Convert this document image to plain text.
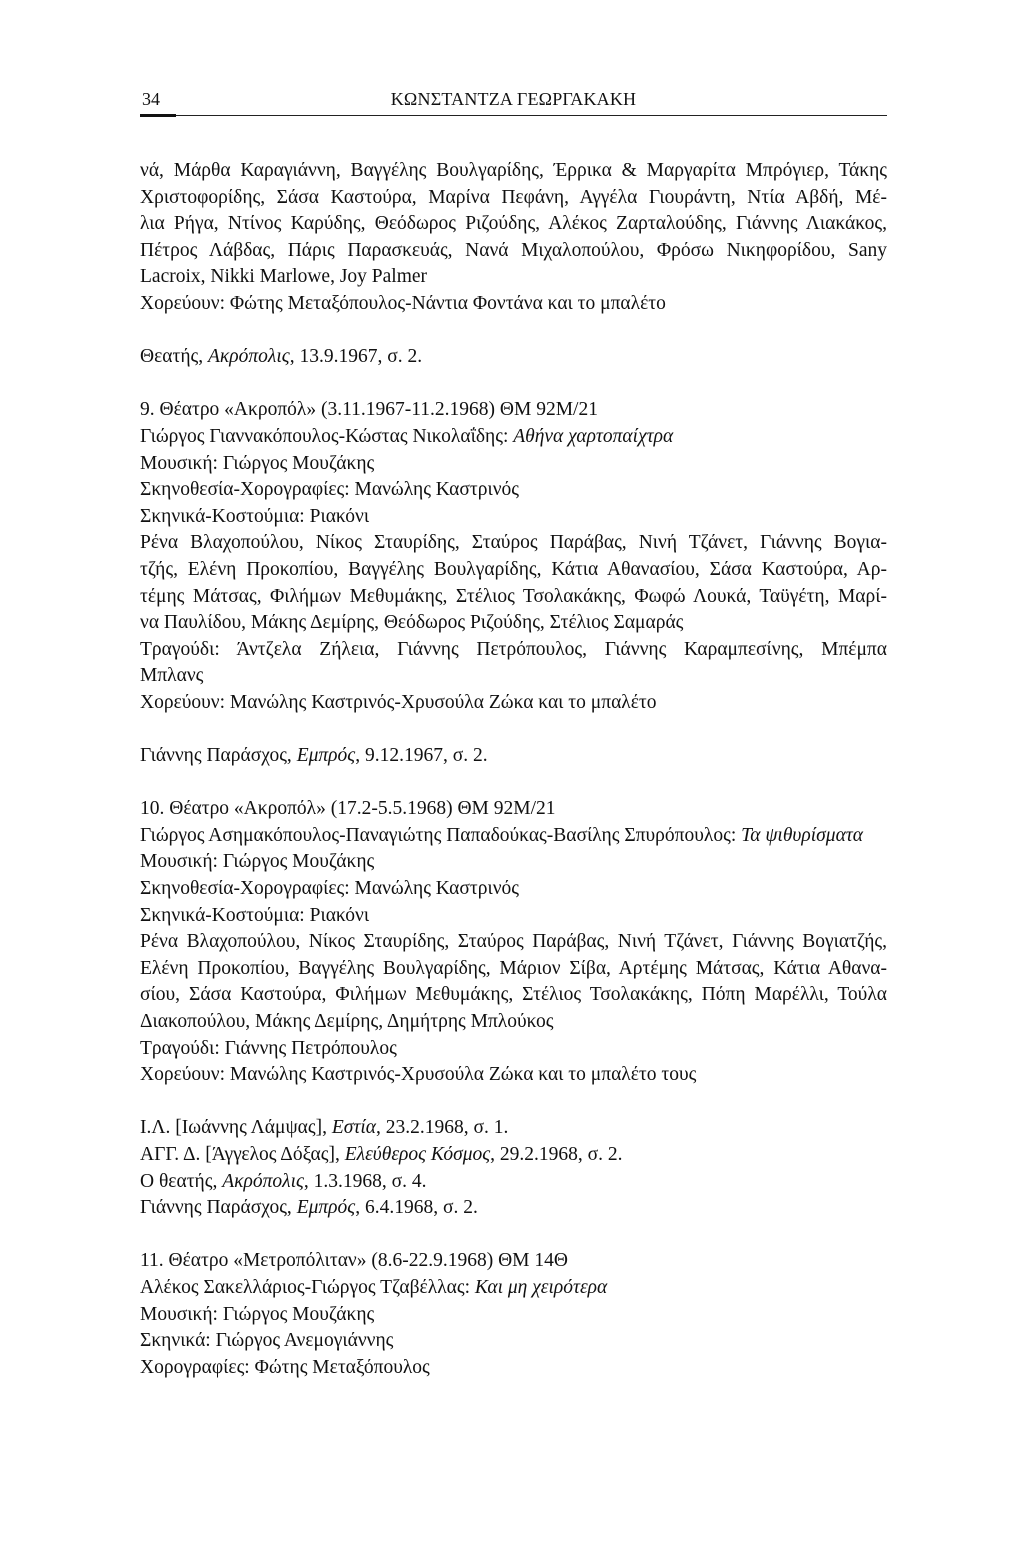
34	ΚΩΝΣΤΑΝΤΖΑ ΓΕΩΡΓΑΚΑΚΗ

νά, Μάρθα Καραγιάννη, Βαγγέλης Βουλγαρίδης, Έρρικα & Μαργαρίτα Μπρόγιερ, Τάκης

Χριστοφορίδης, Σάσα Καστούρα, Μαρίνα Πεφάνη, Αγγέλα Γιουράντη, Ντία Αβδή, Μέ-

λια Ρήγα, Ντίνος Καρύδης, Θεόδωρος Ριζούδης, Αλέκος Ζαρταλούδης, Γιάννης Λιακάκος,

Πέτρος Λάβδας, Πάρις Παρασκευάς, Νανά Μιχαλοπούλου, Φρόσω Νικηφορίδου, Sany

Lacroix, Nikki Marlowe, Joy Palmer

Χορεύουν: Φώτης Μεταξόπουλος-Νάντια Φοντάνα και το μπαλέτο

Θεατής, Ακρόπολις, 13.9.1967, σ. 2.

9. Θέατρο «Ακροπόλ» (3.11.1967-11.2.1968) ΘΜ 92Μ/21

Γιώργος Γιαννακόπουλος-Κώστας Νικολαΐδης: Αθήνα χαρτοπαίχτρα

Μουσική: Γιώργος Μουζάκης

Σκηνοθεσία-Χορογραφίες: Μανώλης Καστρινός

Σκηνικά-Κοστούμια: Ριακόνι

Ρένα Βλαχοπούλου, Νίκος Σταυρίδης, Σταύρος Παράβας, Νινή Τζάνετ, Γιάννης Βογια-

τζής, Ελένη Προκοπίου, Βαγγέλης Βουλγαρίδης, Κάτια Αθανασίου, Σάσα Καστούρα, Αρ-

τέμης Μάτσας, Φιλήμων Μεθυμάκης, Στέλιος Τσολακάκης, Φωφώ Λουκά, Ταϋγέτη, Μαρί-

να Παυλίδου, Μάκης Δεμίρης, Θεόδωρος Ριζούδης, Στέλιος Σαμαράς

Τραγούδι: Άντζελα Ζήλεια, Γιάννης Πετρόπουλος, Γιάννης Καραμπεσίνης, Μπέμπα

Μπλανς

Χορεύουν: Μανώλης Καστρινός-Χρυσούλα Ζώκα και το μπαλέτο

Γιάννης Παράσχος, Εμπρός, 9.12.1967, σ. 2.

10. Θέατρο «Ακροπόλ» (17.2-5.5.1968) ΘΜ 92Μ/21

Γιώργος Ασημακόπουλος-Παναγιώτης Παπαδούκας-Βασίλης Σπυρόπουλος: Τα ψιθυρίσματα

Μουσική: Γιώργος Μουζάκης

Σκηνοθεσία-Χορογραφίες: Μανώλης Καστρινός

Σκηνικά-Κοστούμια: Ριακόνι

Ρένα Βλαχοπούλου, Νίκος Σταυρίδης, Σταύρος Παράβας, Νινή Τζάνετ, Γιάννης Βογιατζής,

Ελένη Προκοπίου, Βαγγέλης Βουλγαρίδης, Μάριον Σίβα, Αρτέμης Μάτσας, Κάτια Αθανα-

σίου, Σάσα Καστούρα, Φιλήμων Μεθυμάκης, Στέλιος Τσολακάκης, Πόπη Μαρέλλι, Τούλα

Διακοπούλου, Μάκης Δεμίρης, Δημήτρης Μπλούκος

Τραγούδι: Γιάννης Πετρόπουλος

Χορεύουν: Μανώλης Καστρινός-Χρυσούλα Ζώκα και το μπαλέτο τους

Ι.Λ. [Ιωάννης Λάμψας], Εστία, 23.2.1968, σ. 1.

ΑΓΓ. Δ. [Άγγελος Δόξας], Ελεύθερος Κόσμος, 29.2.1968, σ. 2.

Ο θεατής, Ακρόπολις, 1.3.1968, σ. 4.

Γιάννης Παράσχος, Εμπρός, 6.4.1968, σ. 2.

11. Θέατρο «Μετροπόλιταν» (8.6-22.9.1968) ΘΜ 14Θ

Αλέκος Σακελλάριος-Γιώργος Τζαβέλλας: Και μη χειρότερα

Μουσική: Γιώργος Μουζάκης

Σκηνικά: Γιώργος Ανεμογιάννης

Χορογραφίες: Φώτης Μεταξόπουλος
